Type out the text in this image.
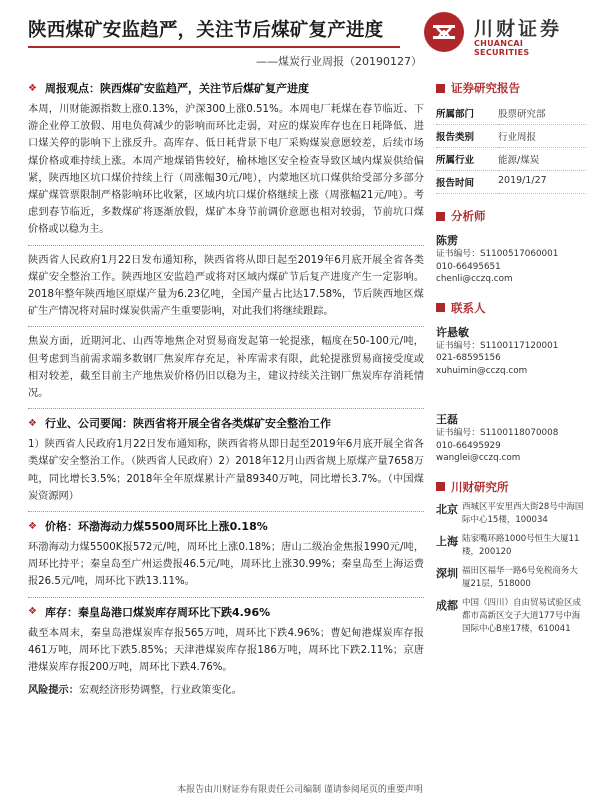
陕西煤矿安监趋严，关注节后煤矿复产进度
——煤炭行业周报（20190127）
川财证券
CHUANCAI SECURITIES
❖ 周报观点：陕西煤矿安监趋严，关注节后煤矿复产进度

本周，川财能源指数上涨0.13%，沪深300上涨0.51%。本周电厂耗煤在春节临近、下游企业停工放假、用电负荷减少的影响而环比走弱，对应的煤炭库存也在日耗降低、进口煤关停的影响下上涨反升。高库存、低日耗背景下电厂采购煤炭意愿较差，后续市场煤价格或难持续上涨。本周产地煤销售较好，榆林地区安全检查导致区域内煤炭供给偏紧，陕西地区坑口煤价持续上行（周涨幅30元/吨），内蒙地区坑口煤供给受部分多部分煤矿煤管票限制严格影响环比收紧，区域内坑口煤价格继续上涨（周涨幅21元/吨）。考虑到春节临近，多数煤矿将逐渐放假，煤矿本身节前调价意愿也相对较弱，节前坑口煤价格或以稳为主。

陕西省人民政府1月22日发布通知称，陕西省将从即日起至2019年6月底开展全省各类煤矿安全整治工作。陕西地区安监趋严或将对区域内煤矿节后复产进度产生一定影响。2018年整年陕西地区原煤产量为6.23亿吨，全国产量占比达17.58%，节后陕西地区煤矿生产情况将对届时煤炭供需产生重要影响，对此我们将继续跟踪。

焦炭方面，近期河北、山西等地焦企对贸易商发起第一轮提涨，幅度在50-100元/吨，但考虑到当前需求端多数钢厂焦炭库存充足，补库需求有限，此轮提涨贸易商接受度或相对较差，截至目前主产地焦炭价格仍旧以稳为主，建议持续关注钢厂焦炭库存消耗情况。

❖ 行业、公司要闻：陕西省将开展全省各类煤矿安全整治工作

1）陕西省人民政府1月22日发布通知称，陕西省将从即日起至2019年6月底开展全省各类煤矿安全整治工作。（陕西省人民政府）2）2018年12月山西省规上原煤产量7658万吨，同比增长3.5%；2018年全年原煤累计产量89340万吨，同比增长3.7%。（中国煤炭资源网）

❖ 价格：环渤海动力煤5500周环比上涨0.18%

环渤海动力煤5500K报572元/吨，周环比上涨0.18%；唐山二级冶金焦报1990元/吨，周环比持平；秦皇岛至广州运费报46.5元/吨，周环比上涨30.99%；秦皇岛至上海运费报26.5元/吨，周环比下跌13.11%。

❖ 库存：秦皇岛港口煤炭库存周环比下跌4.96%

截至本周末，秦皇岛港煤炭库存报565万吨，周环比下跌4.96%；曹妃甸港煤炭库存报461万吨，周环比下跌5.85%；天津港煤炭库存报186万吨，周环比下跌2.11%；京唐港煤炭库存报200万吨，周环比下跌4.76%。

风险提示：宏观经济形势调整，行业政策变化。

证券研究报告
所属部门	股票研究部
报告类别	行业周报
所属行业	能源/煤炭
报告时间	2019/1/27
分析师
陈雳
证书编号：S1100517060001
010-66495651
chenli@cczq.com
联系人
许悬敏
证书编号：S1100117120001
021-68595156
xuhuimin@cczq.com
王磊
证书编号：S1100118070008
010-66495929
wanglei@cczq.com
川财研究所
北京 西城区平安里西大街28号中海国际中心15楼，100034
上海 陆家嘴环路1000号恒生大厦11楼，200120
深圳 福田区福华一路6号免税商务大厦21层，518000
成都 中国（四川）自由贸易试验区成都市高新区交子大道177号中海国际中心B座17楼，610041
本报告由川财证券有限责任公司编制 谨请参阅尾页的重要声明
